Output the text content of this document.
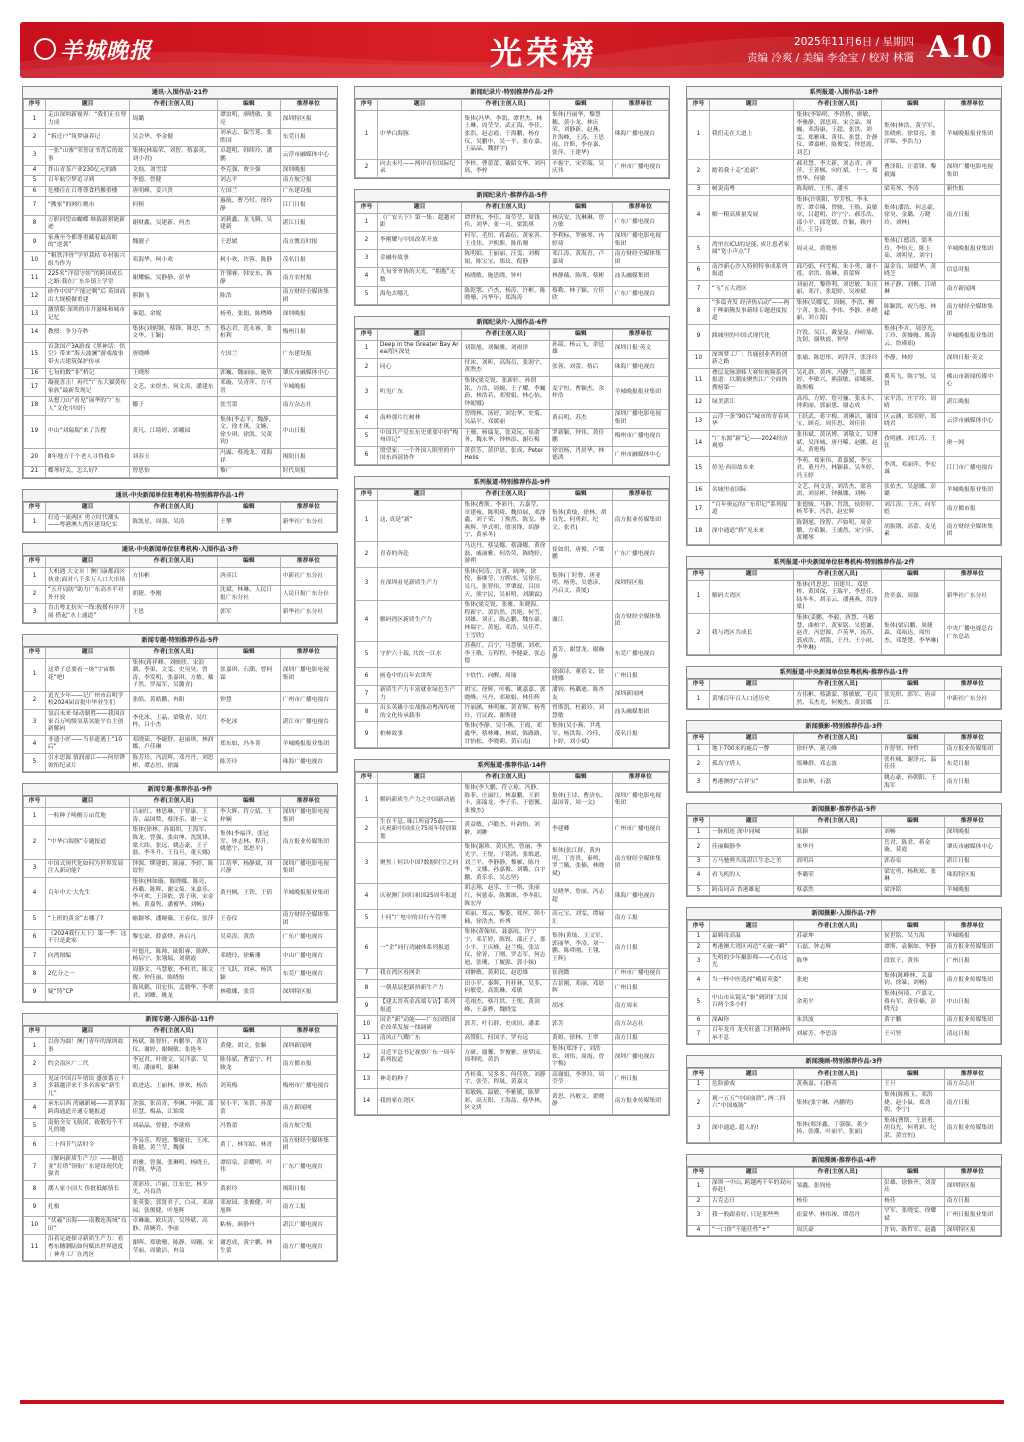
羊城晚报	光荣榜	2025年11月6日 / 星期四
责编 冷爽 / 美编 李金宝 / 校对 林霭 A10
通讯·入围作品·21件
序号	题目	作者(主创人员)	编辑	推荐单位
1	走出深圳新视界：“我们正在努力成	周璐	谭谊明、廖晓敏、张亮	深圳特区报
2	“拆迁户”筑梦康养记	吴会华、李金健	刘承志、保雪莲、张胜国	东莞日报
3	一张“山寨”荣誉证书背后的故事	集体(林瑞荣、刘智、蔡嘉英、刘小青)	卓超明、韩续玲、潘鹏	云浮市融媒体中心
4	拌山青茶产业230亿元的路	文灿、刘雪雷	李克强、贾少强	深圳晚报
5	百年航空梦追寻到	李德、曾健	刘志平	南方航空报
6	危楼住在百尊尊食档搬重楼	唐明峰、姜兴贵	左国兰	广东建设报
7	“搬家”的网红桃市	何榕	惠航、曹乃付、徐玲静	江门日报
8	万职回望由蝴蝶 继载新猎能新迹	谢财鑫、吴建新、何杰	刘莉鑫、龙飞腾、吴建新	湛江日报
9	家燕至今都尊重藏着最高眼的“逆袭”	魏靓子	于思媛	南方教育时报
10	“粗铁洋骨”学里栽桔 乡村振兴组当作为	邓海华、柯小欢	柯小欢、许蓉、陈静	茂名日报
11	225名“洋留守娃”的跨国成长之路:我在广东乡镇上学堂	谢耀骗、吴静静、彭华	许翎睿、韩安东、陈静	南方农村报
12	砂作中国“产能过剩”后 英国商出大规模做重建	熊颖飞	陈浩	南方财经全媒体集团
13	激情版·深圳的市井滋味和城市记忆	秦超、余妮	杨勇、张娟、陈楞峰	深圳晚报
14	教授：争分夺秒	集体(刘炳钢、蔡锋、陈思、杰文华、王颖)	蔡志君、范永睿、张桓利	梅州日报
15	首款国产3A游戏《黑神话：悟空》带来“海天波澜”游戏故事带火古建筑保护传承	唐晓峰	左国兰	广东建设报
16	七旬的数“非”桥记	王晓彤	郭巍、魏丽丽、施欣	肇庆市融媒体中心
17	凝视喜击！再代“广东大猫黄传家族”最新发现记	文艺、宋煜杰、何文涛、潘建东	邓璇、吴青萍、方可喜	羊城晚报
18	从想刀山“看见”展华的“广东人”文化中国行	娜子	张雪蕾	南方杂志社
19	中山“刘瑞瑞”来了告搜	黄凡、江绮婷、郭曦园	集体(李志平、魏静、文、徐才琪、文婉、徐少琪、徐凯、吴黄钧)	中山日报
20	8年地方千个老人寻得救乡	刘春玉	冯露、蔡逸龙、邓海祥	揭阳日报
21	蝶琴好关，怎么好?	曾思怡	黎广	时代周报
通讯·中央新闻单位驻粤机构·特别推荐作品·1件
序号	题目	作者(主创人员)	编辑	推荐单位
1	打造一流两区 勇立时代潮头——粤港澳大湾区建设纪实	陈凯星、周强、吴涛	王攀	新华社广东分社
通讯·中央新闻单位驻粤机构·入围作品·3件
序号	题目	作者(主创人员)	编辑	推荐单位
1	大机遇 大文章｜澳门康都商区执业:面对八千多万人口大市场	方伟彬	唐彦江	中新社广东分社
2	“五开局防”助力广东高水平对外开放	胡捷、李刚	沈斌、林琳、人民日报广东分社	人民日报广东分社
3	直击粤北抗灾一线:救援有序开展 搭起“水上通道”	王思	郭军	新华社广东分社
新闻专题·特别推荐作品·5件
序号	题目	作者(主创人员)	编辑	推荐单位
1	这辈子总要看一场“宇宙烟花”吧!	集体(蒋祥峰、刘映欣、宋浪潮、李果、文雯、史昊昊、曾涛、李发明、张嘉琪、方敏、戴子然、罗福军、吴潞青)	张嘉琪、石潮、曾柯霖	深圳广播电影电视集团
2	追光少年——记广州市启明学校2024届首批中毕业生们	张皓、黄皓鹏、冉阳	钟慧	广州市广播电视台
3	氢启未来·绿动制胜——我国首家百万吨级氢基氢能平台主创新解码	李化冰、王晶、梁敬青、吴红梓、吕小杰	李化冰	湛江市广播电视台
4	非遗小匠——当非遗遇上“10后”	邓晓茹、李婕舒、赵丽琪、林润娜、卢佳琳	郑东如、冯冬菁	羊城晚报报业集团
5	引水思源 情润濠江——何厚铧领衔纪录片	陈芳玲、冯清辉、邓丹丹、刘思彬、谭志恒、徐露	陈芳玲	珠海广播电视台
新闻专题·推荐作品·9件
序号	题目	作者(主创人员)	编辑	推荐单位
1	一粒种子唤醒万亩荒地	吕丽红、林思琳、于智康、王涛、晶国赞、蔡泽乐、谢一义	李大辉、符立婧、王梓娴	深圳广播电影电视集团
2	“中华白海豚”专题报道	集体(徐林、孙娟胡、王海军、陈龙、曾强、张由坤、冼凯锋、梁大纬、张远、姚志豪、王子磊、李冬升、王良旦、董天娜)	集体(李福洋、张冠军、钟志林、程升、姚德宁、郑思平)	南方报业传媒集团
3	中国式现代化如何为世界发展注入新动能?	钟源、缪建朗、陈丽、李婷、陈谊恒	江蓓华、杨静斌、刘兴静	深圳广播电影电视集团
4	百年中大·大先生	集体(林如璇、陈晓娜、陈亮、孙璐、陈晖、谢文菊、朱嘉乐、李可欢、王读依、郭子琪、宋金畅、黄嘉隽、潘俊华、刘畅)	黄丹枫、王铁、王倩	羊城晚报报业集团
5	“上班的黄金”去哪了?	喻颖琴、潘婉薇、王春仪、张萍	王春仪	南方财经全媒体集团
6	《2024我行天下》第一季：这不只是此家	黎宏豪、薛嘉烨、孙启凡	吴莫涛、黄浩	广东广播电视台
7	向湾图编	叶德凡、陈帅、欧阳睿、陈晔、杨启宁、张翎瑞、刘朝霞	邓晓玲、徐紫珊	中山广播电视台
8	2亿分之一	周静文、马慧敏、李柱君、陈文俊、钟佳丽、陈晓怡	庄飞跃、刘承、杨洪颖	东莞广播电视台
9	疑“铸”CP	陈凤鹤、田宏伟、孟晓华、李翠君、刘卿、姚龙	林敬娜、张萱	深圳特区报
新闻专题·入围作品·11件
序号	题目	作者(主创人员)	编辑	推荐单位
1	以你为圆！澳门青年的深圳故事	杨斌、陈智轩、冉鹏举、黄诗仪、谢婷、谢婉敏、张艳冬	黄健、胡文、张颖	深圳新闻网
2	约会南区广二代	李冠君、叶晓文、吴洋嘉、吴明、潘丽明、谢琳	陈伟斌、曹雷宁、杜骏龙	南方都市报
3	见证中国百年情谊 盛放番五十多载越洋来千多名客家“新生儿”	欧进达、王丽林、廖欢、杨浩	刘英梅	梅州市广播电视台
4	承东启西 湾融新城——黄茅海跨海通道开通专题报道	余强、张苗青、李琳、申强、邵佳慧、梅晶、江锦棠	侯小平、朱蓓、孙蕾蕾	南方新闻网
5	南航全女飞航团，致敬每个不凡的她	刘晶晶、曾健、李歆格	冯鲁蕾	南方航空报
6	二十四节气话时令	李易乐、程池、黎敏壮、王冰、陈健、黄兰莹、魏强	黄丁、林军昭、林青	南方财经全媒体集团
7	《解码新质生产力》——制造业“灯塔”领衔广东建设现代化强省	胡雅、曾强、张琳明、杨晓玉、许钢、华清	谭绍泉、彭耀明、叶伟	广东广播电视台
8	潮人家小国大 侨批抵邮情长	黄彩玲、卢丽、江东宏、林少光、冯良浩	黄彩玲	揭阳日报
9	扎根	张英姿、郭贤君子、白灵、邓琼园、张俊健、叶旭辉	邓琼园、张俊健、叶旭辉	南方工报
10	“伏羲”出海——南教连海域“良田”	卓琳璇、欧庆涛、吴珍斌、高静、薛婉乔、李丽	粘杨、颜静丹	湛江广播电视台
11	沿着足迹探寻新质生产力：看粤东穗潮陆如何赋出世界遗度｜神舟工厂在湾区	谢晖、郑敏珊、陈静、周翱、宋莹丽、周敏洁、冉益	谢思成、黄宇鹏、林生蕾	南方广播电视台
新闻纪录片·特别推荐作品·2件
序号	题目	作者(主创人员)	编辑	推荐单位
1	中华白海豚	集体(冯华、李凯、谭世杰、林上琳、周莹莹、武正海、李佳、张浩、赵志霞、于海鹏、杨存仪、吴鹏中、吴一平、张存嘉、王晶晶、魏群宇)	集体(丹丽华、黎慧穗、黄小龙、林庆荣、刘静新、赵燕、许海峰、王涛、王思雨、许斯、李存嘉、张萍、王建华)	珠海广播电视台
2	向去未号——两岸首位国际纪录	李梓、曹蕾蕾、戴昭女华、刘玛瑶、李梓	辛振宇、宋荣瑞、吴庆伟	广州市广播电视台
新闻纪录片·推荐作品·5件
序号	题目	作者(主创人员)	编辑	推荐单位
1	《广安天下》第一集：超越对距	谭世杭、李佳、周莹莹、周钱佳、刘华、张一可、梁凯琪	林庆安、沈琳琳、曾方敏	广东广播电视台
2	李刚耀与中国改革开放	何军、毛恒、蒋森伍、黄家善、王戊伟、尹熙斯、陈佑珊	李利标、罗雁琴、冉婷琦	深圳广播电影电视集团
3	金融有故事	陈明娟、王丽丽、汪雯、刘梅娟、陈宝宝、郑玟、倪静	邓江涛、黄海青、卢嘉琦	南方财经全媒体集团
4	九旬爷爷协的天光、“拥抱”无数	杨晓敏、施思晓、钟叶	林静薇、陈萌、蔡彬	汕头融媒集团
5	海龟去哪儿	陈乾鄂、卢杰、杨涛、许彬、陈晓珊、冯华年、郑海涛	蔡勒、林子颖、方佳欣	广东广播电视台
新闻纪录片·入围作品·6件
序号	题目	作者(主创人员)	编辑	推荐单位
1	Deep in the Greater Bay Area湾区深处	刘银旭、刘佩雅、刘雨泽	孙韶、杨云飞、余廷雄	深圳日报·英文
2	同心	付冰、刘昕、高海员、张润宇、黄煦杰	张蓉、刘蕾、蔡后	珠海广播电视台
3	听见广东	集体(梁克锐、张新轩、孙谓铭、方浩、周婉、王子耀、李巍蔚、林浩若、邓璧娟、林心怡、钟妮娜)	麦宇恒、曹颖杰、余梓浩	羊城晚报报业集团
4	南岭那片红树林	曾晓林、汤婷、刘宏华、史菊、吴晶平、邓媛丽	黄启明、苏杰	深圳广播电影电视集团
5	中国共产党东东史重要中的“梅州印记”	王珊、杨瑞龙、张双玩、侯俞务、魏永华、钟林添、谢石梅	罗新颖、钟伟、黄佳鹏	梅州市广播电视台
6	殷望家：一个外国人眼里的中国东西部协作	黄蓓芳、黄伊晨、张成、Peter Helis	徐语杨、肖晨华、林德鸿	广州市融媒体中心
系列报道·特别推荐作品·9件
序号	题目	作者(主创人员)	编辑	推荐单位
1	这, 真是“新”	集体(曹斯、李彩丹、古嘉莹、章建雍、陈明琦、魏伯展、邓泽鑫、刘子荣、丁焕然、陈戈、林燕辉、毕式明、殷羽锋、胡静宁、黄承冬)	集体(黄灿、徐林、胡良先、何勇彩、纪文、张君)	南方报业传媒集团
2	青春的奔赴	马达丹、蔡旻娜、蔡潇娜、黄徐磊、戚丽雅、何浩荧、陈晓婷、游朔	崔如玥、唐俊、卢梁鹏	广东广播电视台
3	在深圳看见新质生产力	集体(何涛、沈菁、阔坤、徐悦、秦继莹、方聘冰、吴徐亮、吴凡、张智伟、罗肇磊、吕国天、熊宇民、吴祖明、刘灏霖)	集体(丁时曹、唐亚明、杨勇、吴德彦、冯启文、黄厦)	深圳特区报
4	解码湾区新质生产力	集体(梁克锐、张雅、朱晓海、程新宇、黄浩然、洪艳、何雪、刘雄、刘正、陈志鹏、魏东豪、林瑞宇、黄旭、邓浩、吴佳芹、王雪欣)	谢江	南方财经全媒体集团
5	守护六十载, 共饮一江水	苏燕红、吕宁、马慧敏、刘欢、李王敬、万程程、李健豪、张志德	黄芳、谢慧龙、谢瀚静	东莞广播电视台
6	画卷中的百年农讲所	卞焓竹、向醒、周瑜	徐淑诗、董蓓文、徐晓娜	广州日报
7	新质生产力丰富就业绿色生产力	胡宝、徐辉、叶梅、姚嘉嘉、郭晓峰、马丹、邓琼娟、林佳辉	潘钧、杨璐迪、陈杏友	深圳新闻网
8	出头英雄小实战推动粤西传统的文化传承载事	许丽涵、林明雁、黄青辉、杨秀玲、官议政、谢斯捷	曾斯凯、杜毅玲、刘慧敏	汕头融媒集团
9	柏柿故事	集体(李静、吴小燕、王霞、邓鑫华、蔡林琳、林斌、陈路路、甘怡松、李晓莉、黄启南)	集体(吴小燕、尹兆军、杨洪海、冷佳、卜婷、刘小斌)	茂名日报
系列报道·推荐作品·14件
序号	题目	作者(主创人员)	编辑	推荐单位
1	解码新质生产力之中国新动能	集体(李大鹏、符立琼、冯静、陈菲、庄丽红、林嘉鹏、王彩丰、邱瑞龙、李子乐、于德馨、张俊杰)	集体(王诗、曹济东、温国菁、周一文)	深圳广播电影电视集团
2	生在不息, 珠江所富75载——庆祝新中国成立75周年特别策划	黄益敏、卢瞻杰、叶韵怡、刘翀、刘翀	李建卿	广州市广播电视台
3	聚焦｜何以中国?数据时空之问	集体(谢珍、黄庆然、曾丽、李光宇、王悦、于铭鸿、张维道、刘兰平、李静静、黎雁、陈丹华、文娜、孙嘉俊、刘璐、白宇鹏、黄乐乐、吴志坚)	集体(张江群、黄冉明、丁晋贵、秦鸣、罗兰娥、张楠、林晓斌)	南方财经全媒体集团
4	庆祝澳门回归祖国25周年报道	胡志翔、赵乐、王一格、张丽红、何慈泰、陈馨颂、李冬阳、陈宏岸	吴晓华、詹丽、冯志超	珠海广播电视台
5	十问“广电中的自行车管理	邓丽、郑云、黎姿、郑丝、韩小楠、徐浩杰、朴博	高元宝、刘雯、谭展汇	南方工报
6	一“企”同行湾融体系列报道	集体(黄翰知、聂嘉雨、许宁宁、邓芷婷、陈锐、邵正子、那小平、王庆峰、赵兰梅、张洁仪、徐菁、丁刚、罗志军、何志迪、张珊、丁履源、郭小妹)	集体(黄灿、王文军、郭丽华、李凌、刘一鹏、陈舜刚、王翎、王辉)	南方日报
7	我在湾区看网企	刘翀敏、黄莉民、赵思维	崔润微	广州市广播电视台
8	一朝基层把新挤新生产力	田小平、秦晖、肖桂林、吴多、何敏爱、高凯琳、邓敏	古景刚、邓丽、邓晨辉	广州日报
9	【建太晋英金高端专访】系列报道	毛翊杰、蔡月洪、王悦、黄剑峰、王嘉骅、魏晓雯	胡冰	南方周末
10	国企“新”动能——广东国资国企改革发展一线调研	郭芳、叶石群、史成渲、潘柔	郭芳	南方杂志社
11	清风正气耀广东	高赞阳、何国平、罗有远	黄姐、徐林、王翠	南方日报
12	习近平总书记视察广东一周年系列报道	方研、谢馨、罗俊雅、唐梦园、周利明、黄浩	集体(郑泽子、刘浩钦、刘伟、周霞、曾宇梅)	深圳广播电视台
13	神奇的种子	肖桂葵、吴多多、何佳欣、刘静宇、张莹、程晟、黄嘉文	高谢娟、李翠玲、周莹莹	广州日报
14	我的家在湾区	邓敏婉、温敏、李雅敏、陈梦彩、高天阳、王海喆、蔡华林、区文质	黄思、冯敏文、翟晓静	南方报业传媒集团
系列报道·入围作品·18件
序号	题目	作者(主创人员)	编辑	推荐单位
1	我们走在大道上	集体(李锦明、李铁桥、廖敏、李雅静、郭思琦、宋会晶、周巍、邓海康、王超、张洪、刘雯、郑雅珠、黄伟、张慧、许静仪、谭嘉彬、陈俊雯、钟思霞、刘艺)	集体(林浩、黄学军、张晓密、徐常亮、张洋锦、李浩力)	羊城晚报报业集团
2	踏着我十走“追新”	郝君慧、李大新、刘志青、唐萍、王菁枫、向红斌、十一、郑惜华、何敏	曹泽阳、汪蕾锋、黎毅露	深圳广播电影电视集团
3	树说南粤	陈海晴、王彤、潘丞	梁英琴、李涛	新快报
4	解一粮高质量发展	集体(许朝阳、罗芳悦、李永智、谭卓楠、曾骏、王焕、袁敏章、吕超明、许宁宁、郝乐浩、邵小平、邱宽媛、许颖、赖丹佳、王芬)	集体(潘浩、何志豪、徐昊、金璐、万晓玲、刘林)	南方日报
5	湾里在ICU的是能, 成让患者家属“宽小声点”?	周灵灵、黄晓彤	集体(江德清、梁冬玲、李怡天、陈玉茹、刘明星、刘宇)	羊城晚报报业集团
6	南沙新心沙入特照特事成系列报道	邱巧娟、何雪梅、朱小勇、谢小莲、余洪、陈琳、黄蕾辉	温金良、周媛华、黄晓芝	信息时报
7	“飞”五大湾区	刘丽君、黎铮利、刘思敏、朱庆丽、邓汗、张超婷、吴竣斌	林子静、刘楷、江晴琳	南方新闻网
8	“多篇齐发 经济热启动”——两千呷新腾发事新续专题进度报道	集体(吴娜雯、周婉、李浩、柳宁菁、张琦、李伟、李静、孙晓丽、刘立源)	陈颖凯、祝乃旭、林嵘	南方财经全媒体集团
9	践城里的中国式现代化	许锐、吴江、戴曼曼、孙晴瑜、沈韧、谢秋霞、钟坚	集体(李卉、周淳光、丁玲、黄嫚嫚、陈涛云、詹瑾娟)	羊城晚报报业集团
10	深圳梦工厂：共鹿创业者的创新之路	张瑜、陈思彤、刘萍萍、张泽玲	李静、林婷	深圳日报·英文
11	叠层龙脉漂移大赛短视频系列报道：以潮汕聚焦江广全面热搜榜第一	吴礼群、黄冉、冯静兰、陈翠婷、李敏兴、熊淑敏、霍曦瑛、陈熙梅	冀英飞、陈宇锐、吴贤	佛山市新闻传媒中心
12	绿美湛江	高玮、方婷、詹可骊、张永丰、钟莉丽、郭丽恩、谢志成	宋平涛、庄宇玲、周晴	湛江晚报
13	云浮一条“90后”城市的青春风华	王跃武、蒋宇梅、刘琳洁、谢国宝、顾克、周佳思、刘佳佳	区云涵、郑羽婷、郑晓君	云浮市融媒体中心
14	“广东源”新“记——2024经济观察	张伟斌、黄讯博、刘敬文、吴博斌、吴泽城、唐丹晞、赵鹏、赵灵、黄艳梅	孜明涵、刘江涛、王钰	奥一网
15	侨见·西田故乡来	李萌、郑家伟、黄嘉媛、李宝君、董丹丹、林颖暮、吴冬婷、冯玉婷	李鸿、邓丽萍、李宏诚	江门市广播电视台
16	名城里看国际	文艺、何文涛、刘浩杰、梁善需、刘显彬、钟佩娜、刘畅	张佑杰、吴瑟娜、彭璐	羊城晚报报业集团
17	“百年奥运的广东印记”系列报道	张德骏、马静、肖凯、侯婷婷、杨苇菲、冯浩、赵宏辉	刘江涛、王珏、向军彪	南方都市报
18	深中通道“桥”见未来	陈钢旭、徐智、卢如明、周金鹏、方希颖、王浦然、宋宁莎、黄耀琴	胡振钢、高蕾、麦见素	南方财经全媒体集团
系列报道·中央新闻单位驻粤机构·特别推荐作品·2件
序号	题目	作者(主创人员)	编辑	推荐单位
1	解码大湾区	集体(肖思思、田建川、邓思桥、黄国保、王瑞平、李思佳、陆冬冬、胡亲云、潘燕燕、洪泽梁)	詹奕嘉、周强	新华社广东分社
2	我与湾区共成长	集体(姜鹏、李毅、唐慧、马敏慧、曲柏宇、黄家铭、吴德谦、赵青、冯思源、卢英华、汤苏、郭成浩、胡凯、王丹、王小雨、李华琳)	集体(梁启鹏、周捷森、邓裕达、周恒杰、邓楚楚、李华琳)	中央广播电视总台广东总站
系列报道·中央新闻单位驻粤机构·推荐作品·1件
序号	题目	作者(主创人员)	编辑	推荐单位
1	黄埔百年百人口述历史	方伟彬、蔡潇蒙、蔡敏敏、毛庆然、韦杰光、何俊杰、黄景娜	张宪炽、郭军、唐彦江	中新社广东分社
新闻摄影·特别推荐作品·3件
序号	题目	作者(主创人员)	编辑	推荐单位
1	地下700米的鹿后一瞥	徐轩华、董天峰	许舒智、钟哲	南方报业传媒集团
2	孤岛守塔人	郑琳群、邓志波	张柱城、谢泽元、温佳佳	东莞日报
3	粤港澳的“古祥宝”	张由坤、石磊	姚志豪、孙朝阳、王海军	南方日报
新闻摄影·推荐作品·5件
序号	题目	作者(主创人员)	编辑	推荐单位
1	一脉相连 深中同城	陆颖	刘畅	深圳晚报
2	佳丽颐静李	朱华丹	岳君、陈君、蒋金璇、莫霞	肇庆市融媒体中心
3	万马驰骋共荡湛江生态之美	郭明昌	郭春泉	湛江日报
4	看飞机的人	李璐荣	梁宏勇、杨秋琼、张琳	珠海特区报
5	跨南同音 香港雄起	蔡嘉然	梁泽铭	羊城晚报
新闻摄影·入围作品·7件
序号	题目	作者(主创人员)	编辑	推荐单位
1	最羁母高温	苏豪坤	侯世铭、吴力海	羊城晚报
2	粤港澳大湾区再造“天破一瞬”	石磊、钟志辉	谭斯、袁佩如、李静	南方报业传媒集团
3	失明的少年摄影师——心在远光	陈华	段钦子、黄伟	广州日报
4	当一杯中医选择“峨眉英姿”	张迪	集体(陈峰林、关嘉钧、徐暴、刘畅)	南方报业传媒集团
5	中山市从镜头“驱”到团扩大国百两个多小时	余苑平	集体(何琦、卢嘉文、蔡有军、黄佳楠、彭晓光)	中山日报
6	深AI你	朱洪波	黄宇鹏	南方报业传媒集团
7	百年龙舟 龙火旺盛 工匠精神传承不息	刘崭芳、李思涛	王可竖	清远日报
新闻漫画·特别推荐作品·3件
序号	题目	作者(主创人员)	编辑	推荐单位
1	危险游戏	黄燕嘉、石静英	王旦	南方杂志社
2	观一五五“中国崩溃”, 两二四六“中国威胁”	集体(张宇琳、冯鹏明)	集体(陈梅玉、邓洪捷、赵小鼠、郑劲朝、李宁)	南方日报
3	深中通道, 超人的!	集体(邢泽鑫、丁强强、蒋少扬、张潮、叶丽平、张丽)	集体(曹斯、王晨勇、胡良先、何勇彩、纪湛、黄宜恒)	南方报业传媒集团
新闻漫画·推荐作品·4件
序号	题目	作者(主创人员)	编辑	推荐单位
1	深圳一中山, 跨越两千年的双向奔赴!	邹鑫、张钧伦	彭雄、徐修齐、刘蕾珏	深圳特区报
2	古克志日	杨佳	杨佳	南方日报
3	我一般跟着好, 只是那些些	崔蒙华、林伟竣、谭蓓丹	罕军、张晓雯、徐耀斌	广州日报报业集团
4	“一口价”不能任性“+”	周沃豪	许钧、陈哲军、赵鑫	深圳特区报
